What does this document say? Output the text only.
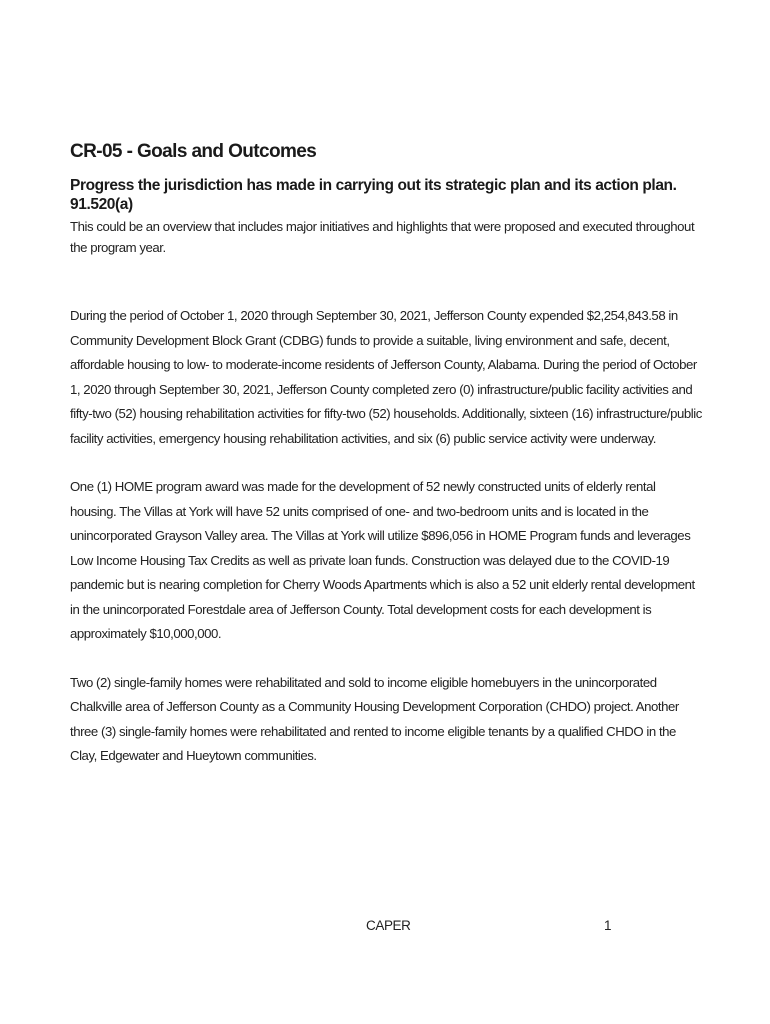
CR-05 - Goals and Outcomes

Progress the jurisdiction has made in carrying out its strategic plan and its action plan. 91.520(a)

This could be an overview that includes major initiatives and highlights that were proposed and executed throughout the program year.

During the period of October 1, 2020 through September 30, 2021, Jefferson County expended $2,254,843.58 in Community Development Block Grant (CDBG) funds to provide a suitable, living environment and safe, decent, affordable housing to low- to moderate-income residents of Jefferson County, Alabama. During the period of October 1, 2020 through September 30, 2021, Jefferson County completed zero (0) infrastructure/public facility activities and fifty-two (52) housing rehabilitation activities for fifty-two (52) households. Additionally, sixteen (16) infrastructure/public facility activities, emergency housing rehabilitation activities, and six (6) public service activity were underway.

One (1) HOME program award was made for the development of 52 newly constructed units of elderly rental housing. The Villas at York will have 52 units comprised of one- and two-bedroom units and is located in the unincorporated Grayson Valley area. The Villas at York will utilize $896,056 in HOME Program funds and leverages Low Income Housing Tax Credits as well as private loan funds. Construction was delayed due to the COVID-19 pandemic but is nearing completion for Cherry Woods Apartments which is also a 52 unit elderly rental development in the unincorporated Forestdale area of Jefferson County. Total development costs for each development is approximately $10,000,000.

Two (2) single-family homes were rehabilitated and sold to income eligible homebuyers in the unincorporated Chalkville area of Jefferson County as a Community Housing Development Corporation (CHDO) project. Another three (3) single-family homes were rehabilitated and rented to income eligible tenants by a qualified CHDO in the Clay, Edgewater and Hueytown communities.

CAPER	1
